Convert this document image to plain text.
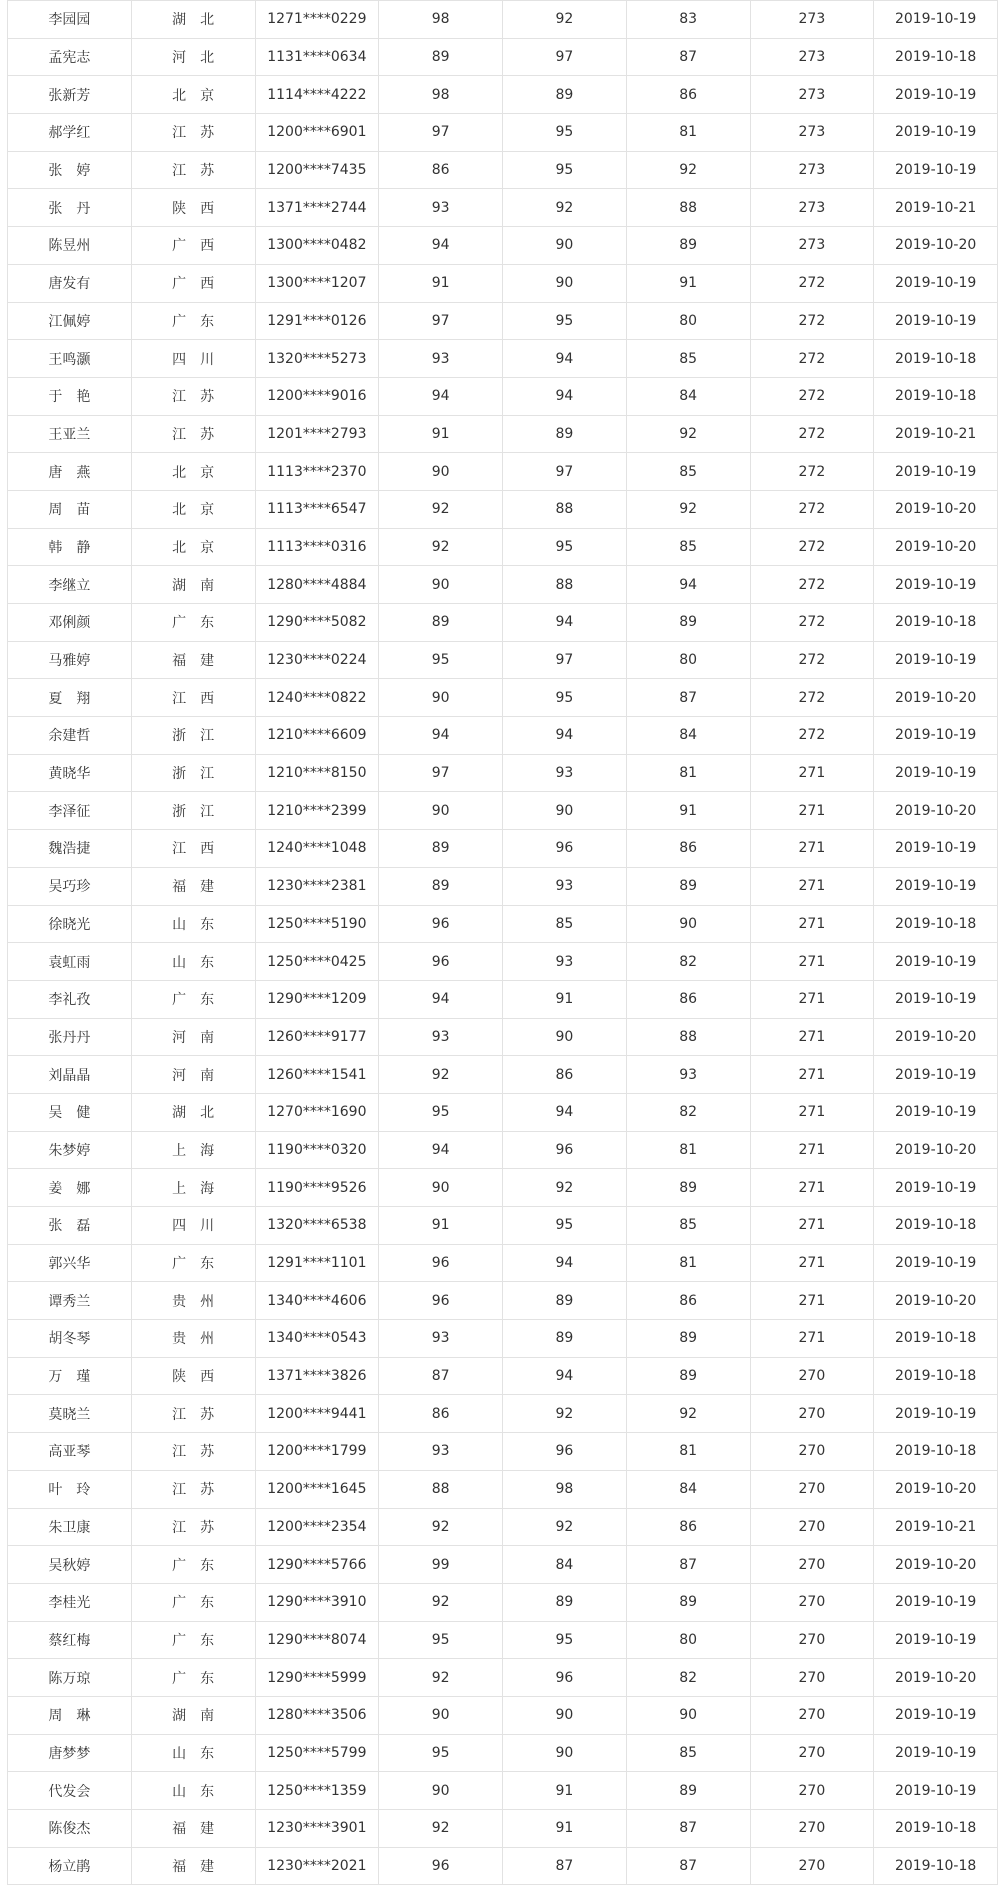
李园园	湖　北	1271****0229	98	92	83	273	2019-10-19
孟宪志	河　北	1131****0634	89	97	87	273	2019-10-18
张新芳	北　京	1114****4222	98	89	86	273	2019-10-19
郝学红	江　苏	1200****6901	97	95	81	273	2019-10-19
张　婷	江　苏	1200****7435	86	95	92	273	2019-10-19
张　丹	陕　西	1371****2744	93	92	88	273	2019-10-21
陈昱州	广　西	1300****0482	94	90	89	273	2019-10-20
唐发有	广　西	1300****1207	91	90	91	272	2019-10-19
江佩婷	广　东	1291****0126	97	95	80	272	2019-10-19
王鸣灏	四　川	1320****5273	93	94	85	272	2019-10-18
于　艳	江　苏	1200****9016	94	94	84	272	2019-10-18
王亚兰	江　苏	1201****2793	91	89	92	272	2019-10-21
唐　燕	北　京	1113****2370	90	97	85	272	2019-10-19
周　苗	北　京	1113****6547	92	88	92	272	2019-10-20
韩　静	北　京	1113****0316	92	95	85	272	2019-10-20
李继立	湖　南	1280****4884	90	88	94	272	2019-10-19
邓俐颜	广　东	1290****5082	89	94	89	272	2019-10-18
马雅婷	福　建	1230****0224	95	97	80	272	2019-10-19
夏　翔	江　西	1240****0822	90	95	87	272	2019-10-20
余建哲	浙　江	1210****6609	94	94	84	272	2019-10-19
黄晓华	浙　江	1210****8150	97	93	81	271	2019-10-19
李泽征	浙　江	1210****2399	90	90	91	271	2019-10-20
魏浩捷	江　西	1240****1048	89	96	86	271	2019-10-19
吴巧珍	福　建	1230****2381	89	93	89	271	2019-10-19
徐晓光	山　东	1250****5190	96	85	90	271	2019-10-18
袁虹雨	山　东	1250****0425	96	93	82	271	2019-10-19
李礼孜	广　东	1290****1209	94	91	86	271	2019-10-19
张丹丹	河　南	1260****9177	93	90	88	271	2019-10-20
刘晶晶	河　南	1260****1541	92	86	93	271	2019-10-19
吴　健	湖　北	1270****1690	95	94	82	271	2019-10-19
朱梦婷	上　海	1190****0320	94	96	81	271	2019-10-20
姜　娜	上　海	1190****9526	90	92	89	271	2019-10-19
张　磊	四　川	1320****6538	91	95	85	271	2019-10-18
郭兴华	广　东	1291****1101	96	94	81	271	2019-10-19
谭秀兰	贵　州	1340****4606	96	89	86	271	2019-10-20
胡冬琴	贵　州	1340****0543	93	89	89	271	2019-10-18
万　瑾	陕　西	1371****3826	87	94	89	270	2019-10-18
莫晓兰	江　苏	1200****9441	86	92	92	270	2019-10-19
高亚琴	江　苏	1200****1799	93	96	81	270	2019-10-18
叶　玲	江　苏	1200****1645	88	98	84	270	2019-10-20
朱卫康	江　苏	1200****2354	92	92	86	270	2019-10-21
吴秋婷	广　东	1290****5766	99	84	87	270	2019-10-20
李桂光	广　东	1290****3910	92	89	89	270	2019-10-19
蔡红梅	广　东	1290****8074	95	95	80	270	2019-10-19
陈万琼	广　东	1290****5999	92	96	82	270	2019-10-20
周　琳	湖　南	1280****3506	90	90	90	270	2019-10-19
唐梦梦	山　东	1250****5799	95	90	85	270	2019-10-19
代发会	山　东	1250****1359	90	91	89	270	2019-10-19
陈俊杰	福　建	1230****3901	92	91	87	270	2019-10-18
杨立鹃	福　建	1230****2021	96	87	87	270	2019-10-18
